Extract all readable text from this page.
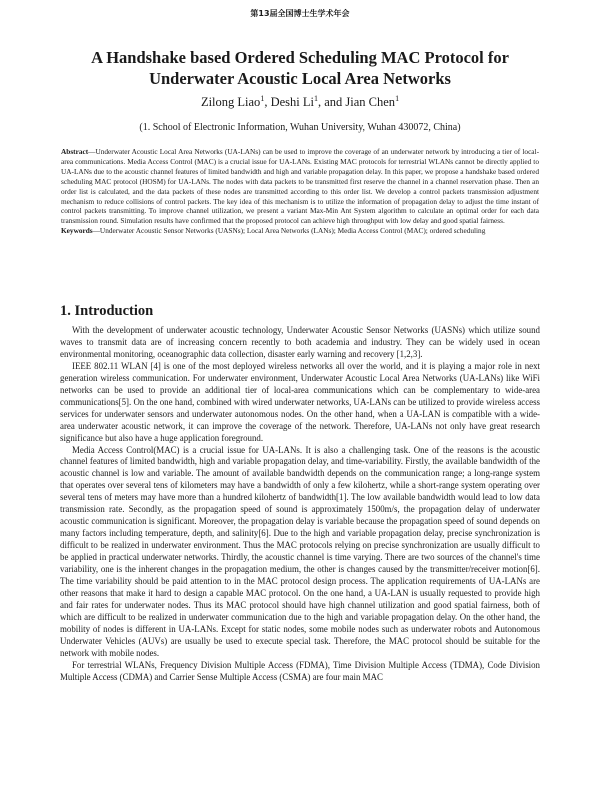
第13届全国博士生学术年会
A Handshake based Ordered Scheduling MAC Protocol for
Underwater Acoustic Local Area Networks
Zilong Liao$^1$, Deshi Li$^1$, and Jian Chen$^1$
(1. School of Electronic Information, Wuhan University, Wuhan 430072, China)

Abstract—Underwater Acoustic Local Area Networks (UA-LANs) can be used to improve the coverage of an underwater network by introducing a tier of local-area communications. Media Access Control (MAC) is a crucial issue for UA-LANs. Existing MAC protocols for terrestrial WLANs cannot be directly applied to UA-LANs due to the acoustic channel features of limited bandwidth and high and variable propagation delay. In this paper, we propose a handshake based ordered scheduling MAC protocol (HOSM) for UA-LANs. The nodes with data packets to be transmitted first reserve the channel in a channel reservation phase. Then an order list is calculated, and the data packets of these nodes are transmitted according to this order list. We develop a control packets transmission adjustment mechanism to reduce collisions of control packets. The key idea of this mechanism is to utilize the information of propagation delay to adjust the time instant of control packets transmitting. To improve channel utilization, we present a variant Max-Min Ant System algorithm to calculate an optimal order for each data transmission round. Simulation results have confirmed that the proposed protocol can achieve high throughput with low delay and good spatial fairness.

Keywords—Underwater Acoustic Sensor Networks (UASNs); Local Area Networks (LANs); Media Access Control (MAC); ordered scheduling

1. Introduction

With the development of underwater acoustic technology, Underwater Acoustic Sensor Networks (UASNs) which utilize sound waves to transmit data are of increasing concern recently to both academia and industry. They can be widely used in ocean environmental monitoring, oceanographic data collection, disaster early warning and recovery [1,2,3].

IEEE 802.11 WLAN [4] is one of the most deployed wireless networks all over the world, and it is playing a major role in next generation wireless communication. For underwater environment, Underwater Acoustic Local Area Networks (UA-LANs) like WiFi networks can be used to provide an additional tier of local-area communications which can be complementary to wide-area communications[5]. On the one hand, combined with wired underwater networks, UA-LANs can be utilized to provide wireless access services for underwater sensors and underwater autonomous nodes. On the other hand, when a UA-LAN is compatible with a wide-area underwater acoustic network, it can improve the coverage of the network. Therefore, UA-LANs not only have great research significance but also have a huge application foreground.

Media Access Control(MAC) is a crucial issue for UA-LANs. It is also a challenging task. One of the reasons is the acoustic channel features of limited bandwidth, high and variable propagation delay, and time-variability. Firstly, the available bandwidth of the acoustic channel is low and variable. The amount of available bandwidth depends on the communication range; a long-range system that operates over several tens of kilometers may have a bandwidth of only a few kilohertz, while a short-range system operating over several tens of meters may have more than a hundred kilohertz of bandwidth[1]. The low available bandwidth would lead to low data transmission rate. Secondly, as the propagation speed of sound is approximately 1500m/s, the propagation delay of underwater acoustic communication is significant. Moreover, the propagation delay is variable because the propagation speed of sound depends on many factors including temperature, depth, and salinity[6]. Due to the high and variable propagation delay, precise synchronization is difficult to be realized in underwater environment. Thus the MAC protocols relying on precise synchronization are usually difficult to be applied in practical underwater networks. Thirdly, the acoustic channel is time varying. There are two sources of the channel's time variability, one is the inherent changes in the propagation medium, the other is changes caused by the transmitter/receiver motion[6]. The time variability should be paid attention to in the MAC protocol design process. The application requirements of UA-LANs are other reasons that make it hard to design a capable MAC protocol. On the one hand, a UA-LAN is usually requested to provide high and fair rates for underwater nodes. Thus its MAC protocol should have high channel utilization and good spatial fairness, both of which are difficult to be realized in underwater communication due to the high and variable propagation delay. On the other hand, the mobility of nodes is different in UA-LANs. Except for static nodes, some mobile nodes such as underwater robots and Autonomous Underwater Vehicles (AUVs) are usually be used to execute special task. Therefore, the MAC protocol should be suitable for the network with mobile nodes.

For terrestrial WLANs, Frequency Division Multiple Access (FDMA), Time Division Multiple Access (TDMA), Code Division Multiple Access (CDMA) and Carrier Sense Multiple Access (CSMA) are four main MAC
